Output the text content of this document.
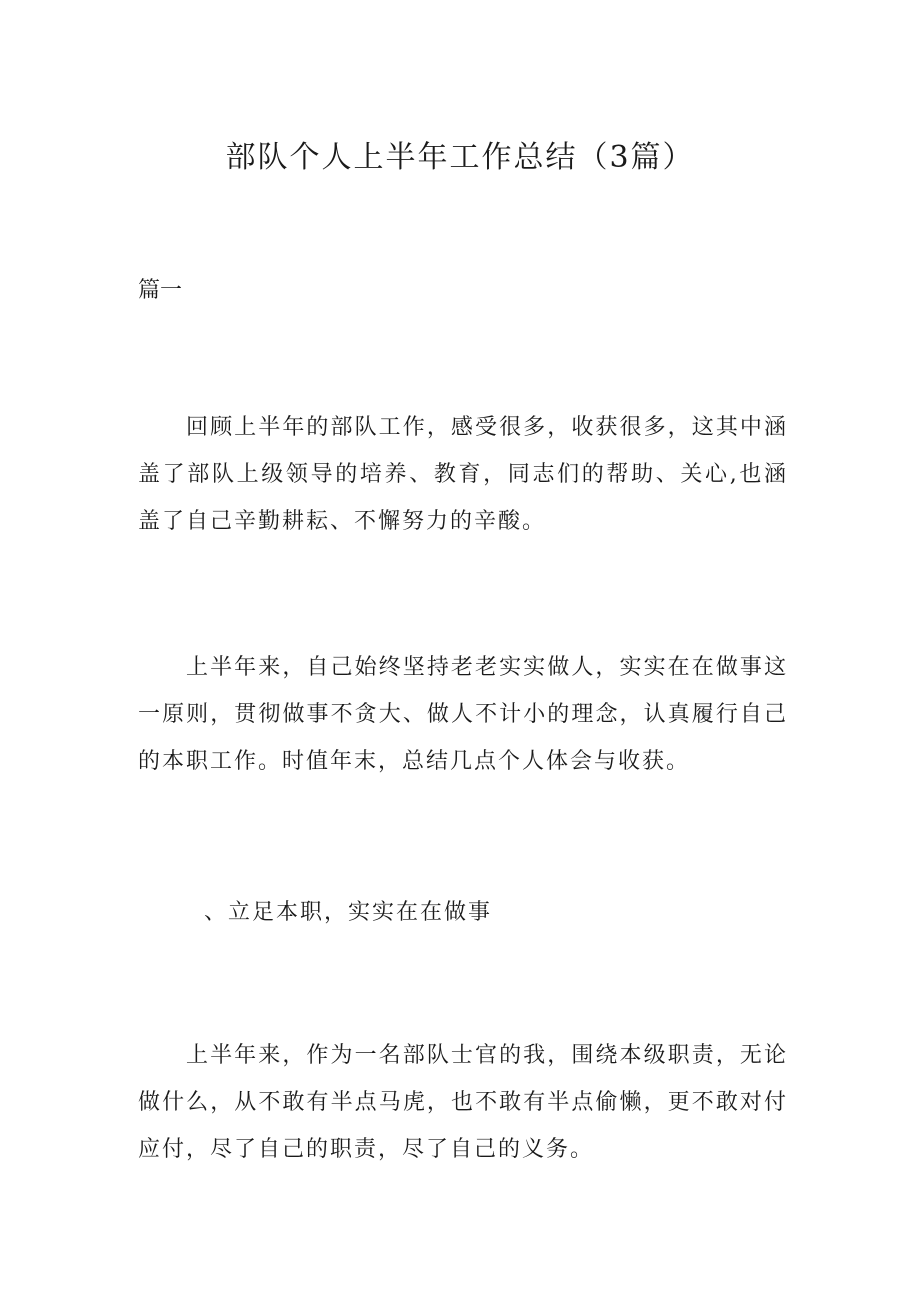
部队个人上半年工作总结（3篇）
篇一

回顾上半年的部队工作，感受很多，收获很多，这其中涵盖了部队上级领导的培养、教育，同志们的帮助、关心,也涵盖了自己辛勤耕耘、不懈努力的辛酸。

上半年来，自己始终坚持老老实实做人，实实在在做事这一原则，贯彻做事不贪大、做人不计小的理念，认真履行自己的本职工作。时值年末，总结几点个人体会与收获。

、立足本职，实实在在做事

上半年来，作为一名部队士官的我，围绕本级职责，无论做什么，从不敢有半点马虎，也不敢有半点偷懒，更不敢对付应付，尽了自己的职责，尽了自己的义务。
